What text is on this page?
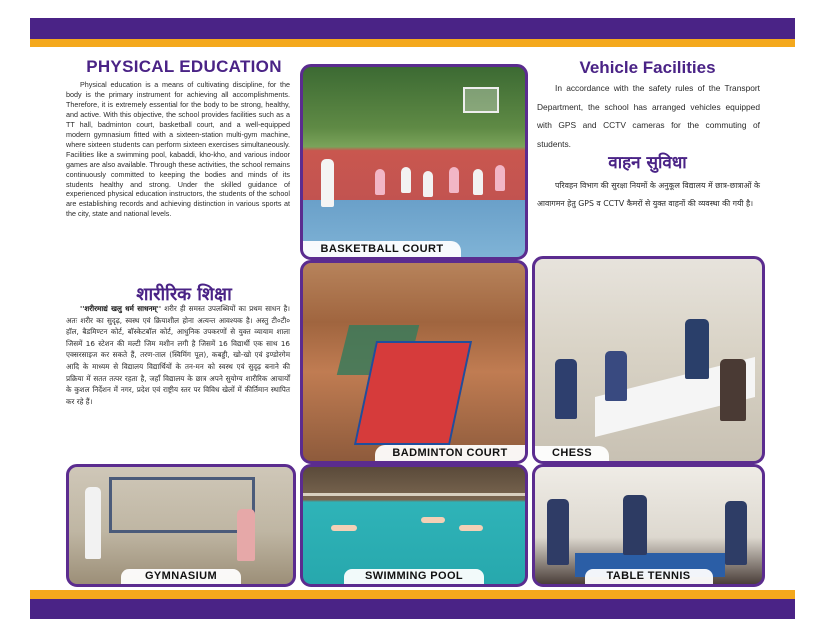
PHYSICAL EDUCATION

Physical education is a means of cultivating discipline, for the body is the primary instrument for achieving all accomplishments. Therefore, it is extremely essential for the body to be strong, healthy, and active. With this objective, the school provides facilities such as a TT hall, badminton court, basketball court, and a well-equipped modern gymnasium fitted with a sixteen-station multi-gym machine, where sixteen students can perform sixteen exercises simultaneously. Facilities like a swimming pool, kabaddi, kho-kho, and various indoor games are also available. Through these activities, the school remains continuously committed to keeping the bodies and minds of its students healthy and strong. Under the skilled guidance of experienced physical education instructors, the students of the school are establishing records and achieving distinction in various sports at the city, state and national levels.

शारीरिक शिक्षा

''शरीरमाद्यं खलु धर्म साधनम्'' शरीर ही समस्त उपलब्धियों का प्रथम साधन है। अतः शरीर का सुदृढ़, स्वस्थ एवं क्रियाशील होना अत्यन्त आवश्यक है। अस्तु टी०टी० हॉल, बैडमिण्टन कोर्ट, बॉस्केटबॉल कोर्ट, आधुनिक उपकरणों से युक्त व्यायाम शाला जिसमें 16 स्टेशन की मल्टी जिम मशीन लगी है जिसमें 16 विद्यार्थी एक साथ 16 एक्सरसाइज कर सकते हैं, तरण-ताल (स्विमिंग पूल), कबड्डी, खो-खो एवं इण्डोरगेम आदि के माध्यम से विद्यालय विद्यार्थियों के तन-मन को स्वस्थ एवं सुदृढ़ बनाने की प्रक्रिया में सतत तत्पर रहता है, जहाँ विद्यालय के छात्र अपने सुयोग्य शारीरिक आचार्यों के कुशल निर्देशन में नगर, प्रदेश एवं राष्ट्रीय स्तर पर विविध खेलों में कीर्तिमान स्थापित कर रहे हैं।

Vehicle Facilities

In accordance with the safety rules of the Transport Department, the school has arranged vehicles equipped with GPS and CCTV cameras for the commuting of students.

वाहन सुविधा

परिवहन विभाग की सुरक्षा नियमों के अनुकूल विद्यालय में छात्र-छात्राओं के आवागमन हेतु GPS व CCTV कैमरों से युक्त वाहनों की व्यवस्था की गयी है।

BASKETBALL COURT
BADMINTON COURT	CHESS
GYMNASIUM	SWIMMING POOL	TABLE TENNIS
